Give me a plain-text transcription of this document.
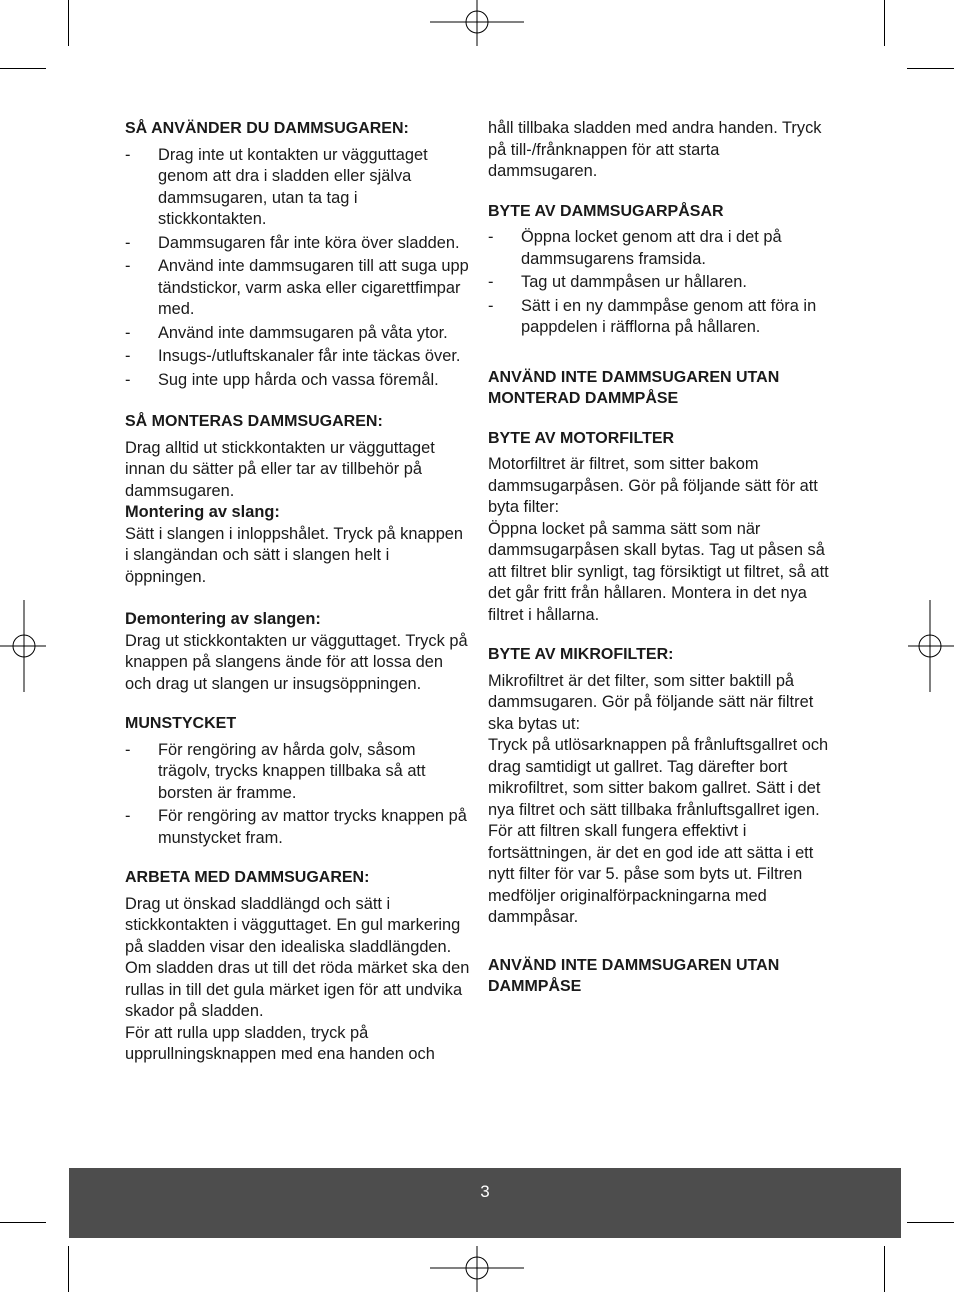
SÅ ANVÄNDER DU DAMMSUGAREN:
- Drag inte ut kontakten ur vägguttaget genom att dra i sladden eller själva dammsugaren, utan ta tag i stickkontakten.
- Dammsugaren får inte köra över sladden.
- Använd inte dammsugaren till att suga upp tändstickor, varm aska eller cigarettfimpar med.
- Använd inte dammsugaren på våta ytor.
- Insugs-/utluftskanaler får inte täckas över.
- Sug inte upp hårda och vassa föremål.
SÅ MONTERAS DAMMSUGAREN:

Drag alltid ut stickkontakten ur vägguttaget innan du sätter på eller tar av tillbehör på dammsugaren.

Montering av slang:

Sätt i slangen i inloppshålet. Tryck på knappen i slangändan och sätt i slangen helt i öppningen.

Demontering av slangen:

Drag ut stickkontakten ur vägguttaget. Tryck på knappen på slangens ände för att lossa den och drag ut slangen ur insugsöppningen.

MUNSTYCKET
- För rengöring av hårda golv, såsom trägolv, trycks knappen tillbaka så att borsten är framme.
- För rengöring av mattor trycks knappen på munstycket fram.
ARBETA MED DAMMSUGAREN:

Drag ut önskad sladdlängd och sätt i stickkontakten i vägguttaget. En gul markering på sladden visar den idealiska sladdlängden. Om sladden dras ut till det röda märket ska den rullas in till det gula märket igen för att undvika skador på sladden.

För att rulla upp sladden, tryck på upprullningsknappen med ena handen och

håll tillbaka sladden med andra handen. Tryck på till-/frånknappen för att starta dammsugaren.

BYTE AV DAMMSUGARPÅSAR
- Öppna locket genom att dra i det på dammsugarens framsida.
- Tag ut dammpåsen ur hållaren.
- Sätt i en ny dammpåse genom att föra in pappdelen i räfflorna på hållaren.
ANVÄND INTE DAMMSUGAREN UTAN MONTERAD DAMMPÅSE
BYTE AV MOTORFILTER

Motorfiltret är filtret, som sitter bakom dammsugarpåsen. Gör på följande sätt för att byta filter:

Öppna locket på samma sätt som när dammsugarpåsen skall bytas. Tag ut påsen så att filtret blir synligt, tag försiktigt ut filtret, så att det går fritt från hållaren. Montera in det nya filtret i hållarna.

BYTE AV MIKROFILTER:

Mikrofiltret är det filter, som sitter baktill på dammsugaren. Gör på följande sätt när filtret ska bytas ut:

Tryck på utlösarknappen på frånluftsgallret och drag samtidigt ut gallret. Tag därefter bort mikrofiltret, som sitter bakom gallret. Sätt i det nya filtret och sätt tillbaka frånluftsgallret igen.

För att filtren skall fungera effektivt i fortsättningen, är det en god ide att sätta i ett nytt filter för var 5. påse som byts ut. Filtren medföljer originalförpackningarna med dammpåsar.

ANVÄND INTE DAMMSUGAREN UTAN DAMMPÅSE
3
